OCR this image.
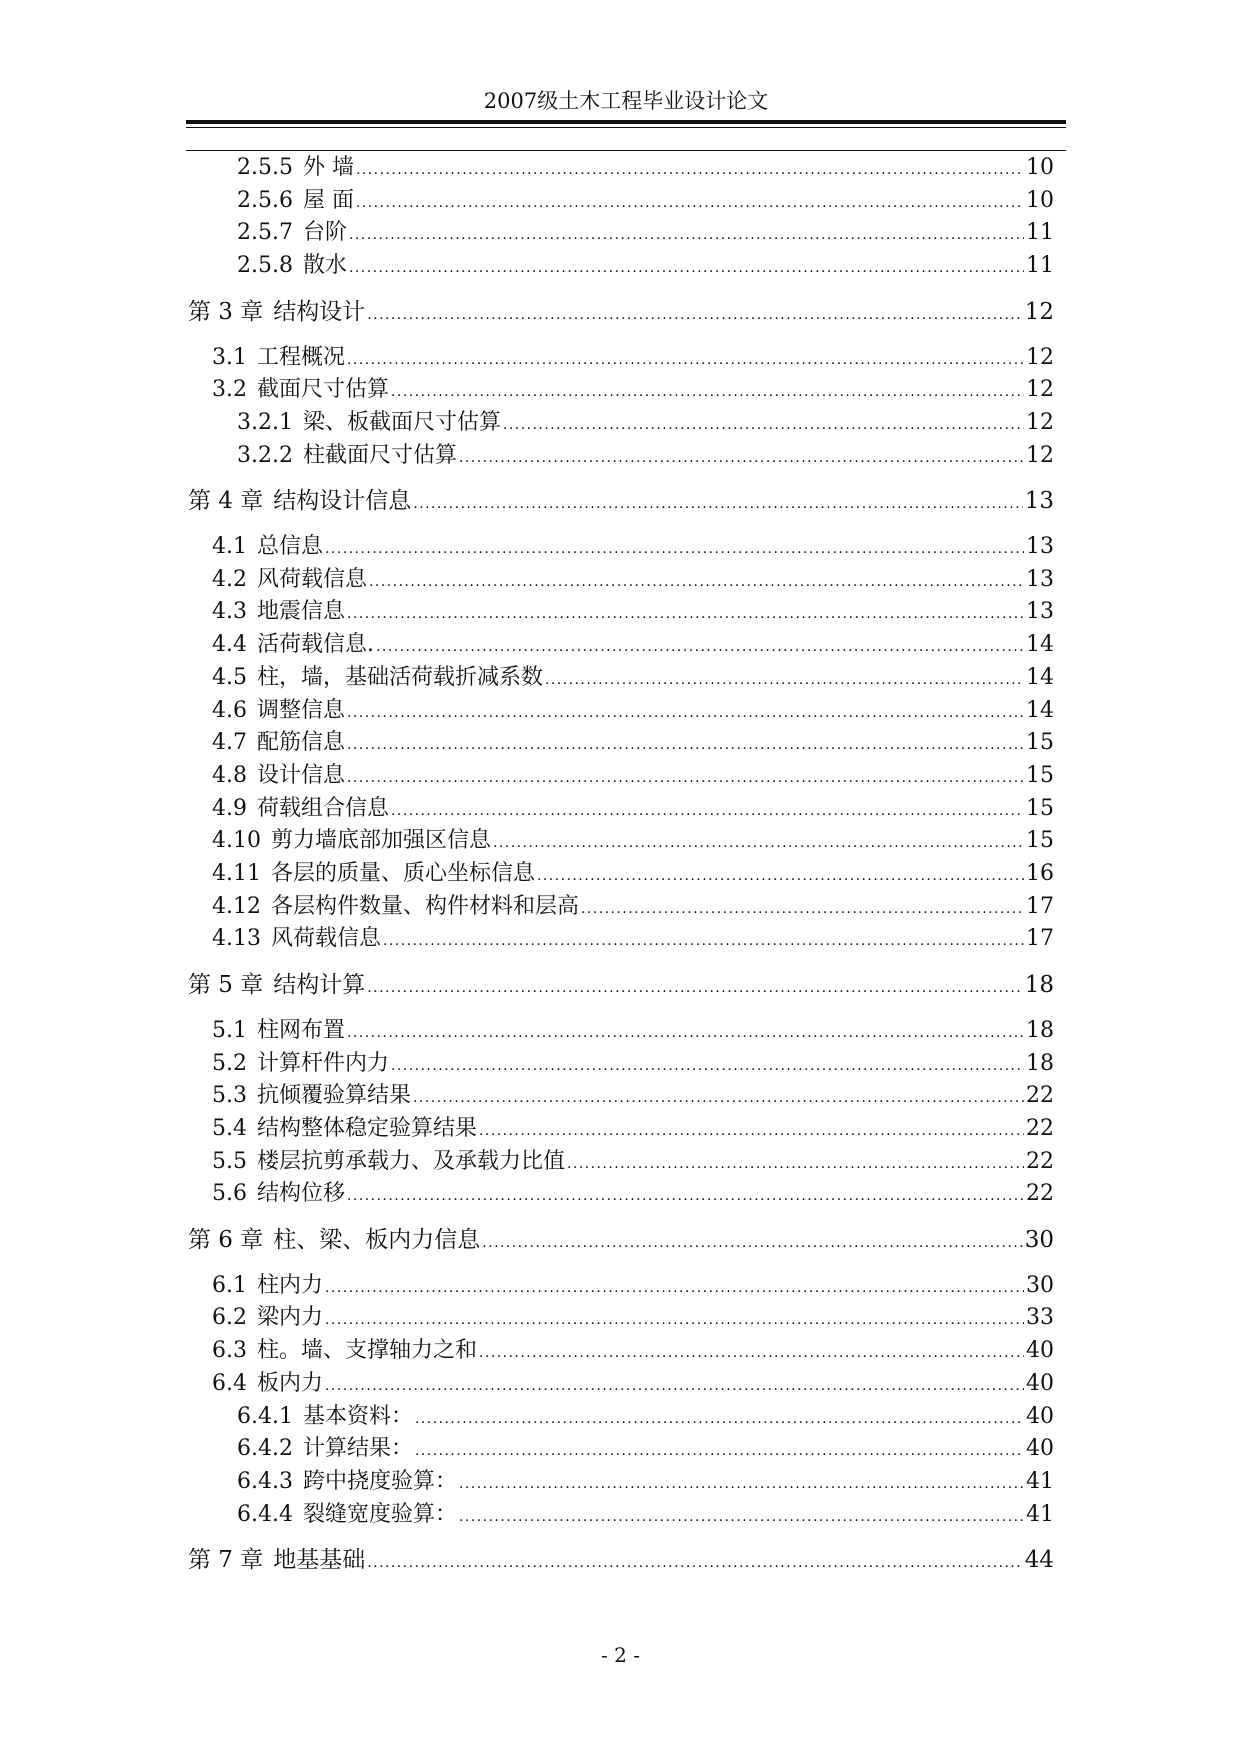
2007级土木工程毕业设计论文
2.5.5 外 墙 . . .	10
2.5.6 屋 面 . . .	10
2.5.7 台阶 . . .	11
2.5.8 散水 . . .	11
第 3 章 结构设计 . . .	12
3.1 工程概况 . . .	12
3.2 截面尺寸估算 . . .	12
3.2.1 梁、板截面尺寸估算 . . .	12
3.2.2 柱截面尺寸估算 . . .	12
第 4 章 结构设计信息 . . .	13
4.1 总信息 . . .	13
4.2 风荷载信息 . . .	13
4.3 地震信息 . . .	13
4.4 活荷载信息. . . .	14
4.5 柱，墙，基础活荷载折减系数 . . .	14
4.6 调整信息 . . .	14
4.7 配筋信息 . . .	15
4.8 设计信息 . . .	15
4.9 荷载组合信息 . . .	15
4.10 剪力墙底部加强区信息 . . .	15
4.11 各层的质量、质心坐标信息 . . .	16
4.12 各层构件数量、构件材料和层高 . . .	17
4.13 风荷载信息 . . .	17
第 5 章 结构计算 . . .	18
5.1 柱网布置 . . .	18
5.2 计算杆件内力 . . .	18
5.3 抗倾覆验算结果 . . .	22
5.4 结构整体稳定验算结果 . . .	22
5.5 楼层抗剪承载力、及承载力比值 . . .	22
5.6 结构位移 . . .	22
第 6 章 柱、梁、板内力信息 . . .	30
6.1 柱内力 . . .	30
6.2 梁内力 . . .	33
6.3 柱。墙、支撑轴力之和 . . .	40
6.4 板内力 . . .	40
6.4.1 基本资料： . . .	40
6.4.2 计算结果： . . .	40
6.4.3 跨中挠度验算： . . .	41
6.4.4 裂缝宽度验算： . . .	41
第 7 章 地基基础 . . .	44
- 2 -
